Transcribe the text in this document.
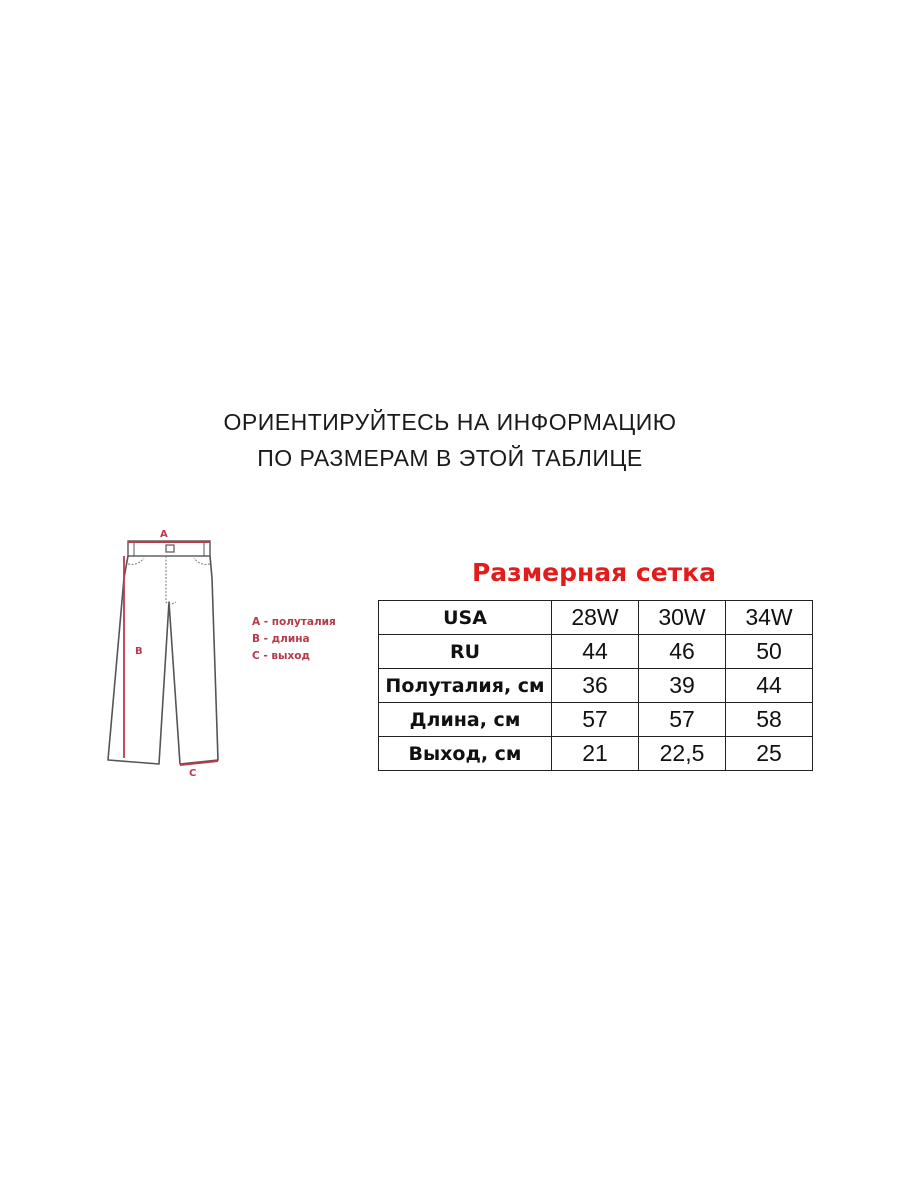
ОРИЕНТИРУЙТЕСЬ НА ИНФОРМАЦИЮ
ПО РАЗМЕРАМ В ЭТОЙ ТАБЛИЦЕ
A
B
C
A - полуталия
B - длина
C - выход
Размерная сетка
USA	28W	30W	34W
RU	44	46	50
Полуталия, см	36	39	44
Длина, см	57	57	58
Выход, см	21	22,5	25
